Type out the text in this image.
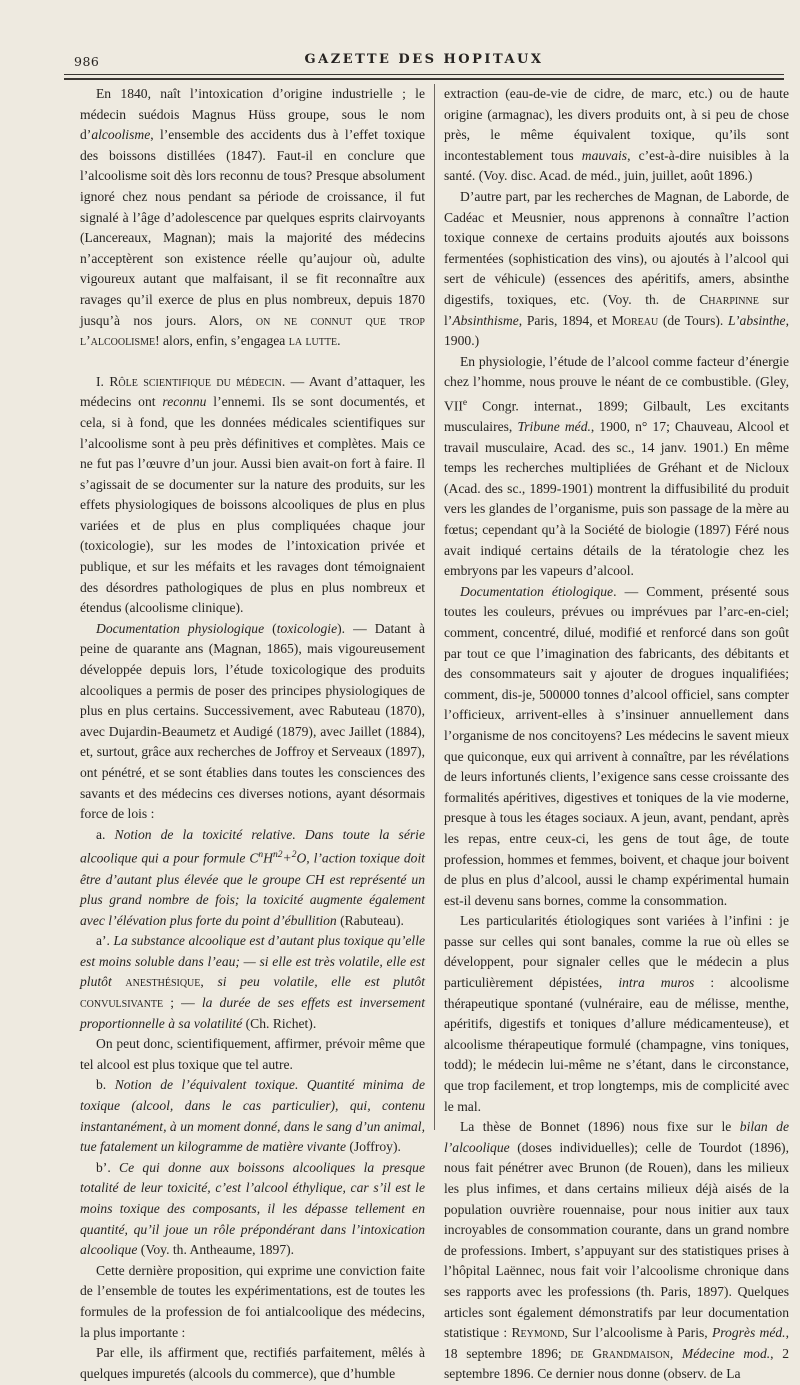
986	GAZETTE DES HOPITAUX

En 1840, naît l’intoxication d’origine industrielle ; le médecin suédois Magnus Hüss groupe, sous le nom d’alcoolisme, l’ensemble des accidents dus à l’effet toxique des boissons distillées (1847). Faut-il en conclure que l’alcoolisme soit dès lors reconnu de tous? Presque absolument ignoré chez nous pendant sa période de croissance, il fut signalé à l’âge d’adolescence par quelques esprits clairvoyants (Lancereaux, Magnan); mais la majorité des médecins n’acceptèrent son existence réelle qu’aujour où, adulte vigoureux autant que malfaisant, il se fit reconnaître aux ravages qu’il exerce de plus en plus nombreux, depuis 1870 jusqu’à nos jours. Alors, on ne connut que trop l’alcoolisme! alors, enfin, s’engagea la lutte.

I. Rôle scientifique du médecin. — Avant d’attaquer, les médecins ont reconnu l’ennemi. Ils se sont documentés, et cela, si à fond, que les données médicales scientifiques sur l’alcoolisme sont à peu près définitives et complètes. Mais ce ne fut pas l’œuvre d’un jour. Aussi bien avait-on fort à faire. Il s’agissait de se documenter sur la nature des produits, sur les effets physiologiques de boissons alcooliques de plus en plus variées et de plus en plus compliquées chaque jour (toxicologie), sur les modes de l’intoxication privée et publique, et sur les méfaits et les ravages dont témoignaient des désordres pathologiques de plus en plus nombreux et étendus (alcoolisme clinique).

Documentation physiologique (toxicologie). — Datant à peine de quarante ans (Magnan, 1865), mais vigoureusement développée depuis lors, l’étude toxicologique des produits alcooliques a permis de poser des principes physiologiques de plus en plus certains. Successivement, avec Rabuteau (1870), avec Dujardin-Beaumetz et Audigé (1879), avec Jaillet (1884), et, surtout, grâce aux recherches de Joffroy et Serveaux (1897), ont pénétré, et se sont établies dans toutes les consciences des savants et des médecins ces diverses notions, ayant désormais force de lois :

a. Notion de la toxicité relative. Dans toute la série alcoolique qui a pour formule $C^nH^{n2}+^2O$, l’action toxique doit être d’autant plus élevée que le groupe CH est représenté un plus grand nombre de fois; la toxicité augmente également avec l’élévation plus forte du point d’ébullition (Rabuteau).

a’. La substance alcoolique est d’autant plus toxique qu’elle est moins soluble dans l’eau; — si elle est très volatile, elle est plutôt anesthésique, si peu volatile, elle est plutôt convulsivante ; — la durée de ses effets est inversement proportionnelle à sa volatilité (Ch. Richet).

On peut donc, scientifiquement, affirmer, prévoir même que tel alcool est plus toxique que tel autre.

b. Notion de l’équivalent toxique. Quantité minima de toxique (alcool, dans le cas particulier), qui, contenu instantanément, à un moment donné, dans le sang d’un animal, tue fatalement un kilogramme de matière vivante (Joffroy).

b’. Ce qui donne aux boissons alcooliques la presque totalité de leur toxicité, c’est l’alcool éthylique, car s’il est le moins toxique des composants, il les dépasse tellement en quantité, qu’il joue un rôle prépondérant dans l’intoxication alcoolique (Voy. th. Antheaume, 1897).

Cette dernière proposition, qui exprime une conviction faite de l’ensemble de toutes les expérimentations, est de toutes les formules de la profession de foi antialcoolique des médecins, la plus importante :

Par elle, ils affirment que, rectifiés parfaitement, mêlés à quelques impuretés (alcools du commerce), que d’humble

extraction (eau-de-vie de cidre, de marc, etc.) ou de haute origine (armagnac), les divers produits ont, à si peu de chose près, le même équivalent toxique, qu’ils sont incontestablement tous mauvais, c’est-à-dire nuisibles à la santé. (Voy. disc. Acad. de méd., juin, juillet, août 1896.)

D’autre part, par les recherches de Magnan, de Laborde, de Cadéac et Meusnier, nous apprenons à connaître l’action toxique connexe de certains produits ajoutés aux boissons fermentées (sophistication des vins), ou ajoutés à l’alcool qui sert de véhicule) (essences des apéritifs, amers, absinthe digestifs, toxiques, etc. (Voy. th. de Charpinne sur l’Absinthisme, Paris, 1894, et Moreau (de Tours). L’absinthe, 1900.)

En physiologie, l’étude de l’alcool comme facteur d’énergie chez l’homme, nous prouve le néant de ce combustible. (Gley, VIIe Congr. internat., 1899; Gilbault, Les excitants musculaires, Tribune méd., 1900, n° 17; Chauveau, Alcool et travail musculaire, Acad. des sc., 14 janv. 1901.) En même temps les recherches multipliées de Gréhant et de Nicloux (Acad. des sc., 1899-1901) montrent la diffusibilité du produit vers les glandes de l’organisme, puis son passage de la mère au fœtus; cependant qu’à la Société de biologie (1897) Féré nous avait indiqué certains détails de la tératologie chez les embryons par les vapeurs d’alcool.

Documentation étiologique. — Comment, présenté sous toutes les couleurs, prévues ou imprévues par l’arc-en-ciel; comment, concentré, dilué, modifié et renforcé dans son goût par tout ce que l’imagination des fabricants, des débitants et des consommateurs sait y ajouter de drogues inqualifiées; comment, dis-je, 500000 tonnes d’alcool officiel, sans compter l’officieux, arrivent-elles à s’insinuer annuellement dans l’organisme de nos concitoyens? Les médecins le savent mieux que quiconque, eux qui arrivent à connaître, par les révélations de leurs infortunés clients, l’exigence sans cesse croissante des formalités apéritives, digestives et toniques de la vie moderne, presque à tous les étages sociaux. A jeun, avant, pendant, après les repas, entre ceux-ci, les gens de tout âge, de toute profession, hommes et femmes, boivent, et chaque jour boivent de plus en plus d’alcool, aussi le champ expérimental humain est-il devenu sans bornes, comme la consommation.

Les particularités étiologiques sont variées à l’infini : je passe sur celles qui sont banales, comme la rue où elles se développent, pour signaler celles que le médecin a plus particulièrement dépistées, intra muros : alcoolisme thérapeutique spontané (vulnéraire, eau de mélisse, menthe, apéritifs, digestifs et toniques d’allure médicamenteuse), et alcoolisme thérapeutique formulé (champagne, vins toniques, todd); le médecin lui-même ne s’étant, dans le circonstance, que trop facilement, et trop longtemps, mis de complicité avec le mal.

La thèse de Bonnet (1896) nous fixe sur le bilan de l’alcoolique (doses individuelles); celle de Tourdot (1896), nous fait pénétrer avec Brunon (de Rouen), dans les milieux les plus infimes, et dans certains milieux déjà aisés de la population ouvrière rouennaise, pour nous initier aux taux incroyables de consommation courante, dans un grand nombre de professions. Imbert, s’appuyant sur des statistiques prises à l’hôpital Laënnec, nous fait voir l’alcoolisme chronique dans ses rapports avec les professions (th. Paris, 1897). Quelques articles sont également démonstratifs par leur documentation statistique : Reymond, Sur l’alcoolisme à Paris, Progrès méd., 18 septembre 1896; de Grandmaison, Médecine mod., 2 septembre 1896. Ce dernier nous donne (observ. de La
